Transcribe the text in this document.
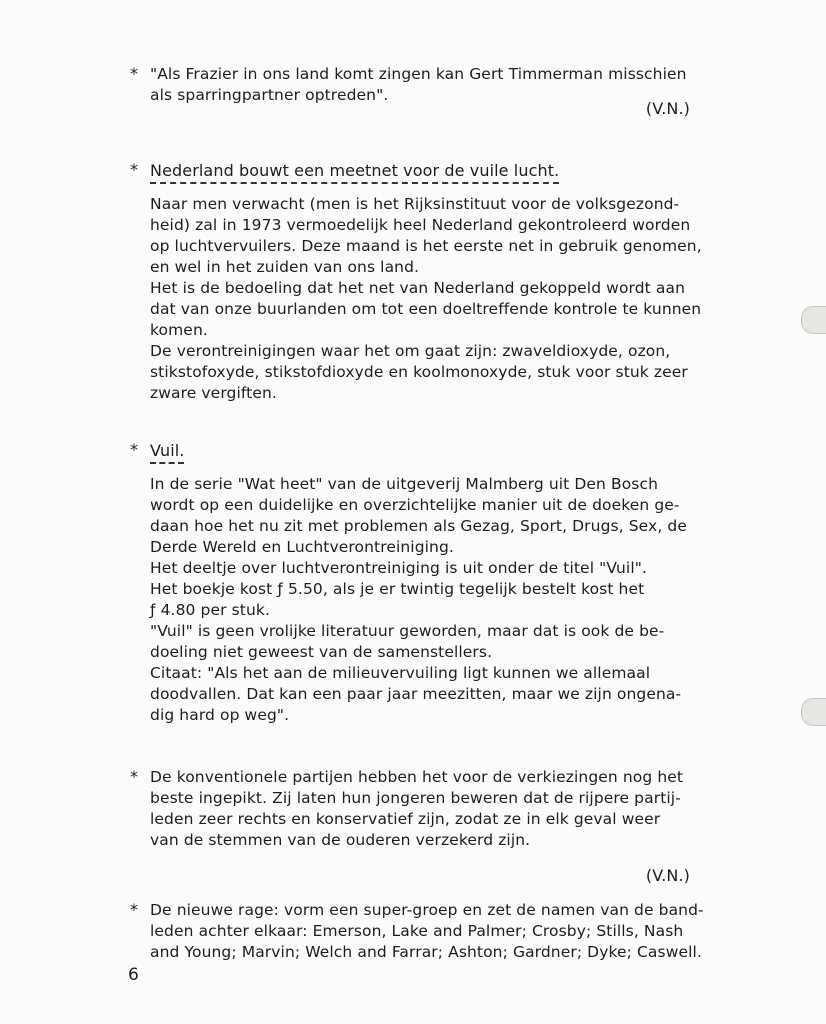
* "Als Frazier in ons land komt zingen kan Gert Timmerman misschien

als sparringpartner optreden".

(V.N.)
* Nederland bouwt een meetnet voor de vuile lucht.

Naar men verwacht (men is het Rijksinstituut voor de volksgezond-

heid) zal in 1973 vermoedelijk heel Nederland gekontroleerd worden

op luchtvervuilers. Deze maand is het eerste net in gebruik genomen,

en wel in het zuiden van ons land.

Het is de bedoeling dat het net van Nederland gekoppeld wordt aan

dat van onze buurlanden om tot een doeltreffende kontrole te kunnen

komen.

De verontreinigingen waar het om gaat zijn: zwaveldioxyde, ozon,

stikstofoxyde, stikstofdioxyde en koolmonoxyde, stuk voor stuk zeer

zware vergiften.

* Vuil.

In de serie "Wat heet" van de uitgeverij Malmberg uit Den Bosch

wordt op een duidelijke en overzichtelijke manier uit de doeken ge-

daan hoe het nu zit met problemen als Gezag, Sport, Drugs, Sex, de

Derde Wereld en Luchtverontreiniging.

Het deeltje over luchtverontreiniging is uit onder de titel "Vuil".

Het boekje kost ƒ 5.50, als je er twintig tegelijk bestelt kost het

ƒ 4.80 per stuk.

"Vuil" is geen vrolijke literatuur geworden, maar dat is ook de be-

doeling niet geweest van de samenstellers.

Citaat: "Als het aan de milieuvervuiling ligt kunnen we allemaal

doodvallen. Dat kan een paar jaar meezitten, maar we zijn ongena-

dig hard op weg".

* De konventionele partijen hebben het voor de verkiezingen nog het

beste ingepikt. Zij laten hun jongeren beweren dat de rijpere partij-

leden zeer rechts en konservatief zijn, zodat ze in elk geval weer

van de stemmen van de ouderen verzekerd zijn.

(V.N.)
* De nieuwe rage: vorm een super-groep en zet de namen van de band-

leden achter elkaar: Emerson, Lake and Palmer; Crosby; Stills, Nash

and Young; Marvin; Welch and Farrar; Ashton; Gardner; Dyke; Caswell.

6
